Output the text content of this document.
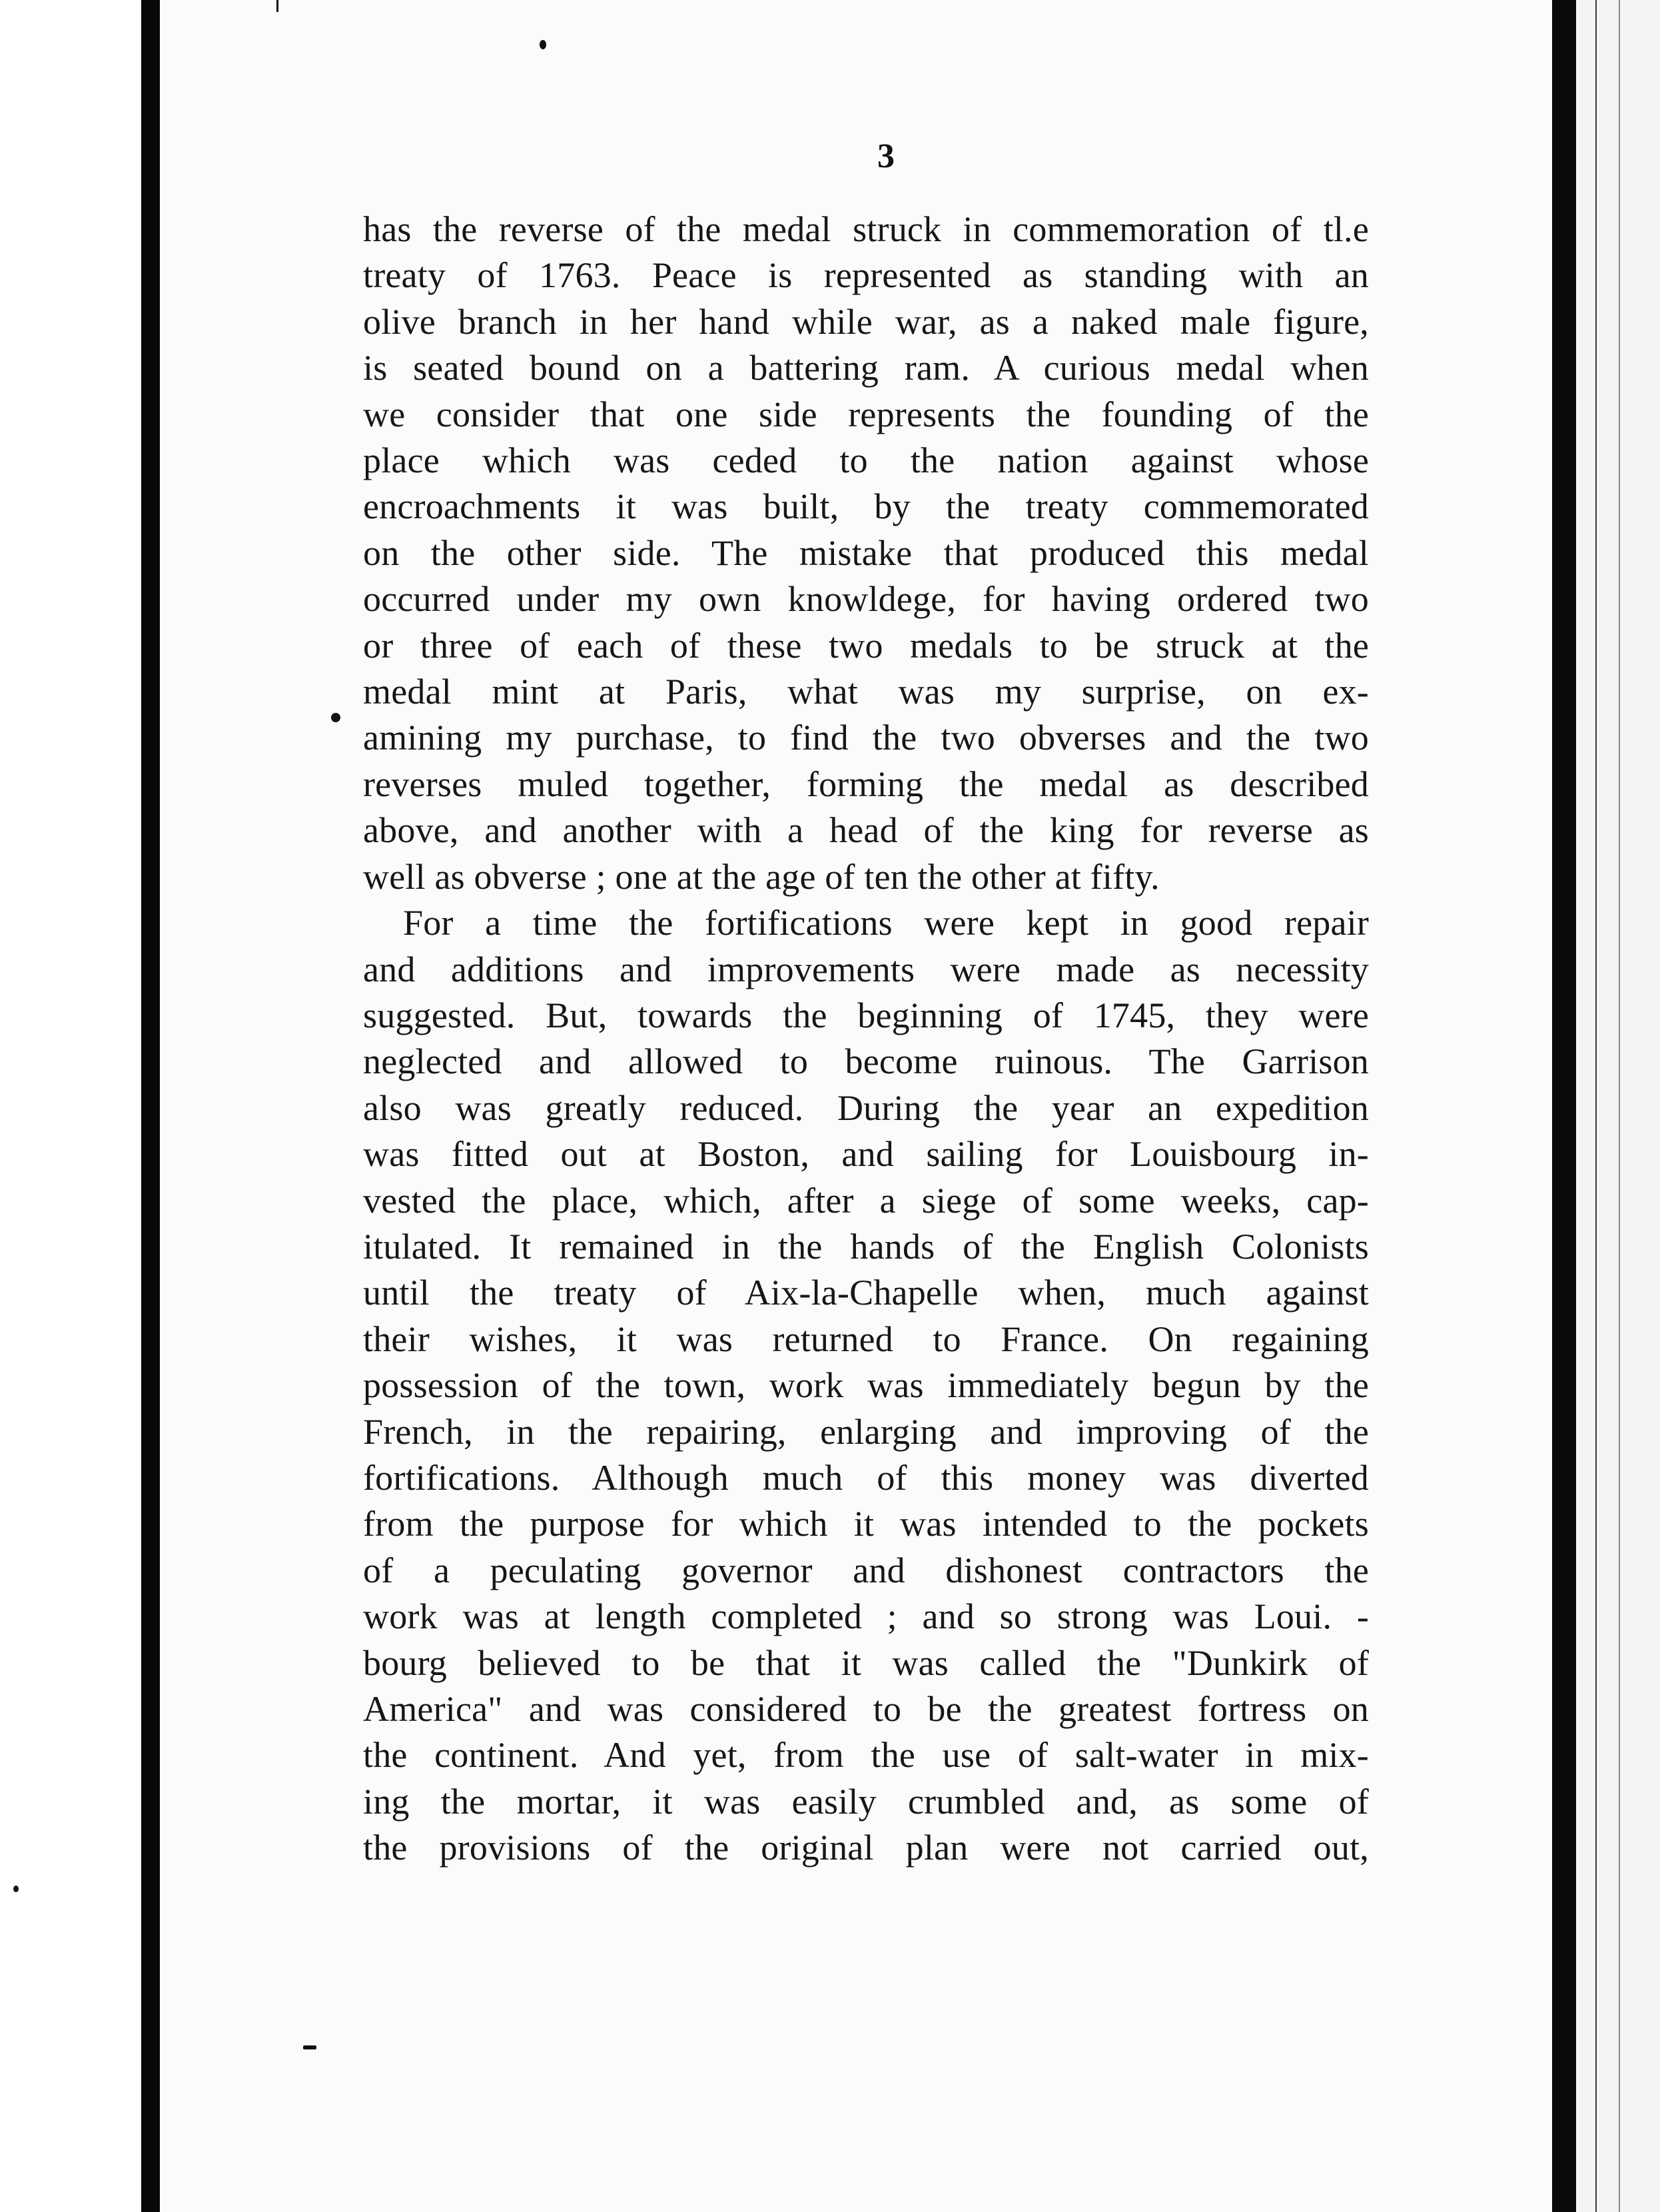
3
has the reverse of the medal struck in commemoration of tl.e
treaty of 1763. Peace is represented as standing with an
olive branch in her hand while war, as a naked male figure,
is seated bound on a battering ram. A curious medal when
we consider that one side represents the founding of the
place which was ceded to the nation against whose
encroachments it was built, by the treaty commemorated
on the other side. The mistake that produced this medal
occurred under my own knowldege, for having ordered two
or three of each of these two medals to be struck at the
medal mint at Paris, what was my surprise, on ex-
amining my purchase, to find the two obverses and the two
reverses muled together, forming the medal as described
above, and another with a head of the king for reverse as
well as obverse ; one at the age of ten the other at fifty.
For a time the fortifications were kept in good repair
and additions and improvements were made as necessity
suggested. But, towards the beginning of 1745, they were
neglected and allowed to become ruinous. The Garrison
also was greatly reduced. During the year an expedition
was fitted out at Boston, and sailing for Louisbourg in-
vested the place, which, after a siege of some weeks, cap-
itulated. It remained in the hands of the English Colonists
until the treaty of Aix-la-Chapelle when, much against
their wishes, it was returned to France. On regaining
possession of the town, work was immediately begun by the
French, in the repairing, enlarging and improving of the
fortifications. Although much of this money was diverted
from the purpose for which it was intended to the pockets
of a peculating governor and dishonest contractors the
work was at length completed ; and so strong was Loui. -
bourg believed to be that it was called the "Dunkirk of
America" and was considered to be the greatest fortress on
the continent. And yet, from the use of salt-water in mix-
ing the mortar, it was easily crumbled and, as some of
the provisions of the original plan were not carried out,
